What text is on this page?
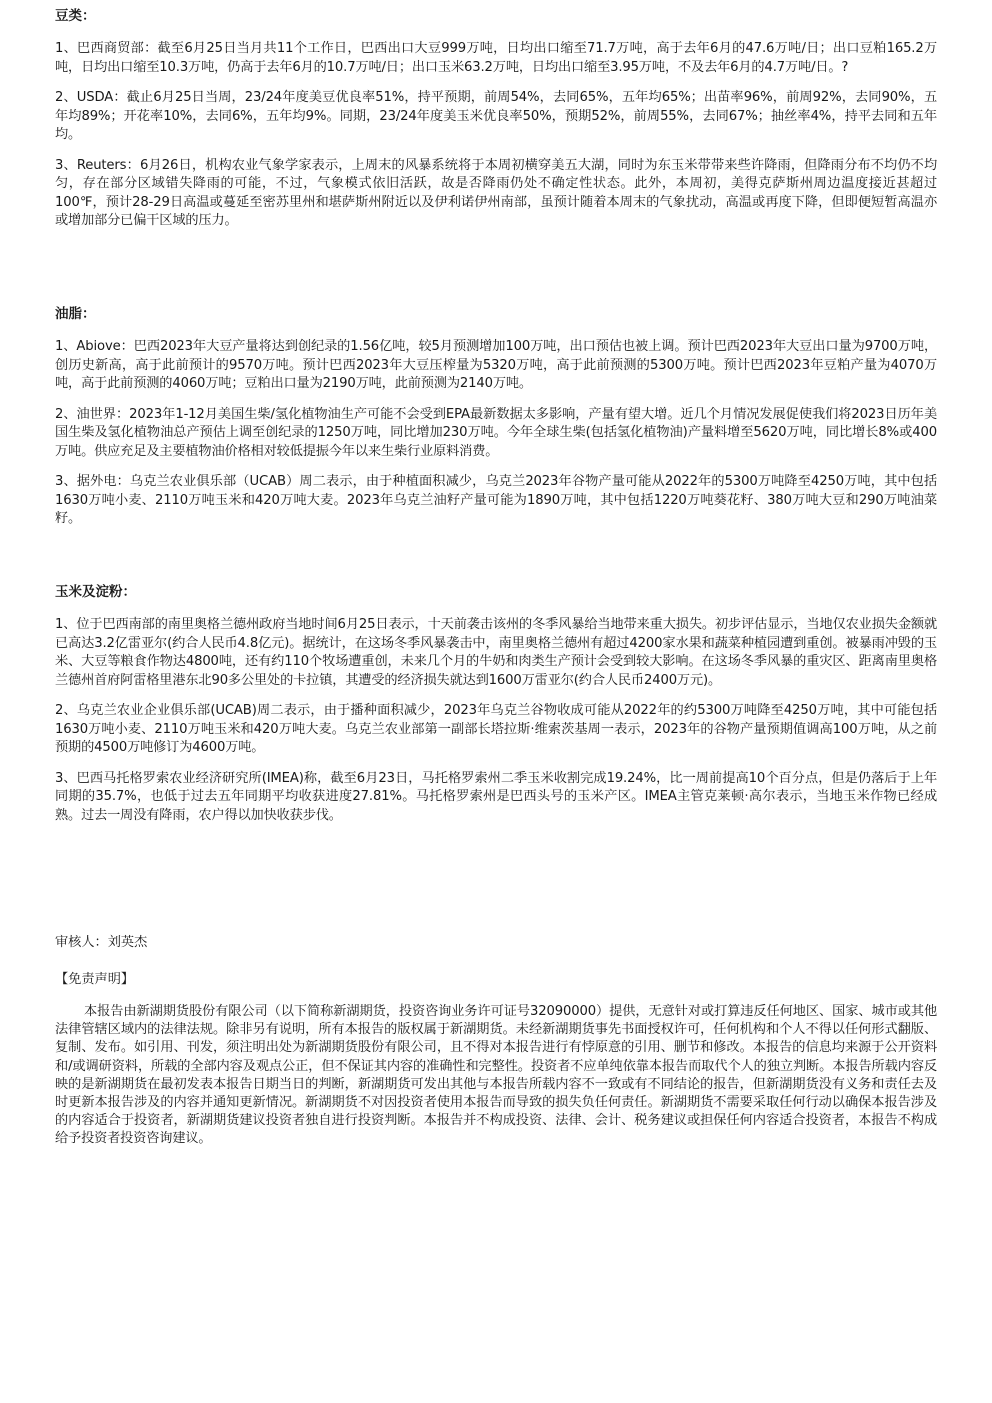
豆类：

1、巴西商贸部：截至6月25日当月共11个工作日，巴西出口大豆999万吨，日均出口缩至71.7万吨，高于去年6月的47.6万吨/日；出口豆粕165.2万吨，日均出口缩至10.3万吨，仍高于去年6月的10.7万吨/日；出口玉米63.2万吨，日均出口缩至3.95万吨，不及去年6月的4.7万吨/日。?

2、USDA：截止6月25日当周，23/24年度美豆优良率51%，持平预期，前周54%，去同65%，五年均65%；出苗率96%，前周92%，去同90%，五年均89%；开花率10%，去同6%，五年均9%。同期，23/24年度美玉米优良率50%，预期52%，前周55%，去同67%；抽丝率4%，持平去同和五年均。

3、Reuters：6月26日，机构农业气象学家表示，上周末的风暴系统将于本周初横穿美五大湖，同时为东玉米带带来些许降雨，但降雨分布不均仍不均匀，存在部分区域错失降雨的可能，不过，气象模式依旧活跃，故是否降雨仍处不确定性状态。此外，本周初，美得克萨斯州周边温度接近甚超过100℉，预计28-29日高温或蔓延至密苏里州和堪萨斯州附近以及伊利诺伊州南部，虽预计随着本周末的气象扰动，高温或再度下降，但即便短暂高温亦或增加部分已偏干区域的压力。

油脂：

1、Abiove：巴西2023年大豆产量将达到创纪录的1.56亿吨，较5月预测增加100万吨，出口预估也被上调。预计巴西2023年大豆出口量为9700万吨，创历史新高，高于此前预计的9570万吨。预计巴西2023年大豆压榨量为5320万吨，高于此前预测的5300万吨。预计巴西2023年豆粕产量为4070万吨，高于此前预测的4060万吨；豆粕出口量为2190万吨，此前预测为2140万吨。

2、油世界：2023年1-12月美国生柴/氢化植物油生产可能不会受到EPA最新数据太多影响，产量有望大增。近几个月情况发展促使我们将2023日历年美国生柴及氢化植物油总产预估上调至创纪录的1250万吨，同比增加230万吨。今年全球生柴(包括氢化植物油)产量料增至5620万吨，同比增长8%或400万吨。供应充足及主要植物油价格相对较低提振今年以来生柴行业原料消费。

3、据外电：乌克兰农业俱乐部（UCAB）周二表示，由于种植面积减少，乌克兰2023年谷物产量可能从2022年的5300万吨降至4250万吨，其中包括1630万吨小麦、2110万吨玉米和420万吨大麦。2023年乌克兰油籽产量可能为1890万吨，其中包括1220万吨葵花籽、380万吨大豆和290万吨油菜籽。

玉米及淀粉：

1、位于巴西南部的南里奥格兰德州政府当地时间6月25日表示，十天前袭击该州的冬季风暴给当地带来重大损失。初步评估显示，当地仅农业损失金额就已高达3.2亿雷亚尔(约合人民币4.8亿元)。据统计，在这场冬季风暴袭击中，南里奥格兰德州有超过4200家水果和蔬菜种植园遭到重创。被暴雨冲毁的玉米、大豆等粮食作物达4800吨，还有约110个牧场遭重创，未来几个月的牛奶和肉类生产预计会受到较大影响。在这场冬季风暴的重灾区、距离南里奥格兰德州首府阿雷格里港东北90多公里处的卡拉镇，其遭受的经济损失就达到1600万雷亚尔(约合人民币2400万元)。

2、乌克兰农业企业俱乐部(UCAB)周二表示，由于播种面积减少，2023年乌克兰谷物收成可能从2022年的约5300万吨降至4250万吨，其中可能包括1630万吨小麦、2110万吨玉米和420万吨大麦。乌克兰农业部第一副部长塔拉斯·维索茨基周一表示，2023年的谷物产量预期值调高100万吨，从之前预期的4500万吨修订为4600万吨。

3、巴西马托格罗索农业经济研究所(IMEA)称，截至6月23日，马托格罗索州二季玉米收割完成19.24%，比一周前提高10个百分点，但是仍落后于上年同期的35.7%，也低于过去五年同期平均收获进度27.81%。马托格罗索州是巴西头号的玉米产区。IMEA主管克莱顿·高尔表示，当地玉米作物已经成熟。过去一周没有降雨，农户得以加快收获步伐。

审核人：刘英杰
【免责声明】

本报告由新湖期货股份有限公司（以下简称新湖期货，投资咨询业务许可证号32090000）提供，无意针对或打算违反任何地区、国家、城市或其他法律管辖区域内的法律法规。除非另有说明，所有本报告的版权属于新湖期货。未经新湖期货事先书面授权许可，任何机构和个人不得以任何形式翻版、复制、发布。如引用、刊发，须注明出处为新湖期货股份有限公司，且不得对本报告进行有悖原意的引用、删节和修改。本报告的信息均来源于公开资料和/或调研资料，所载的全部内容及观点公正，但不保证其内容的准确性和完整性。投资者不应单纯依靠本报告而取代个人的独立判断。本报告所载内容反映的是新湖期货在最初发表本报告日期当日的判断，新湖期货可发出其他与本报告所载内容不一致或有不同结论的报告，但新湖期货没有义务和责任去及时更新本报告涉及的内容并通知更新情况。新湖期货不对因投资者使用本报告而导致的损失负任何责任。新湖期货不需要采取任何行动以确保本报告涉及的内容适合于投资者，新湖期货建议投资者独自进行投资判断。本报告并不构成投资、法律、会计、税务建议或担保任何内容适合投资者，本报告不构成给予投资者投资咨询建议。
